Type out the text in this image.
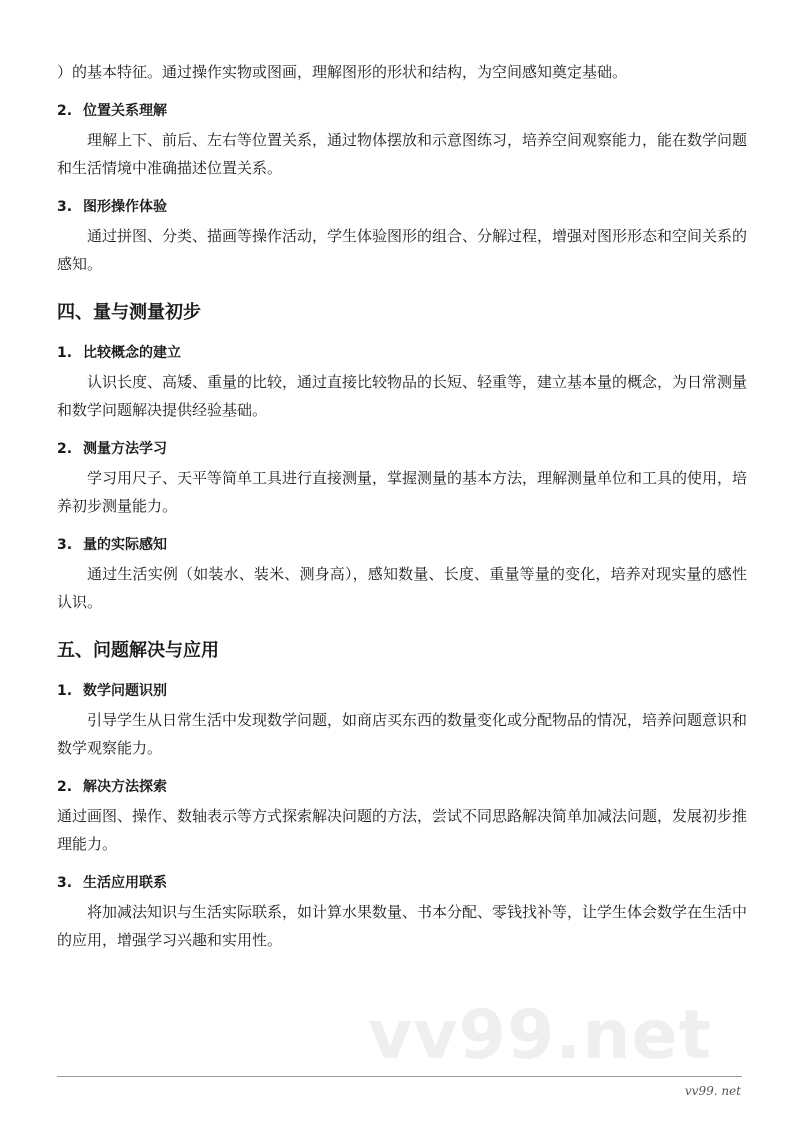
）的基本特征。通过操作实物或图画，理解图形的形状和结构，为空间感知奠定基础。

2. 位置关系理解

理解上下、前后、左右等位置关系，通过物体摆放和示意图练习，培养空间观察能力，能在数学问题和生活情境中准确描述位置关系。

3. 图形操作体验

通过拼图、分类、描画等操作活动，学生体验图形的组合、分解过程，增强对图形形态和空间关系的感知。

四、量与测量初步
1. 比较概念的建立

认识长度、高矮、重量的比较，通过直接比较物品的长短、轻重等，建立基本量的概念，为日常测量和数学问题解决提供经验基础。

2. 测量方法学习

学习用尺子、天平等简单工具进行直接测量，掌握测量的基本方法，理解测量单位和工具的使用，培养初步测量能力。

3. 量的实际感知

通过生活实例（如装水、装米、测身高），感知数量、长度、重量等量的变化，培养对现实量的感性认识。

五、问题解决与应用
1. 数学问题识别

引导学生从日常生活中发现数学问题，如商店买东西的数量变化或分配物品的情况，培养问题意识和数学观察能力。

2. 解决方法探索

通过画图、操作、数轴表示等方式探索解决问题的方法，尝试不同思路解决简单加减法问题，发展初步推理能力。

3. 生活应用联系

将加减法知识与生活实际联系，如计算水果数量、书本分配、零钱找补等，让学生体会数学在生活中的应用，增强学习兴趣和实用性。

vv99.net
vv99. net
